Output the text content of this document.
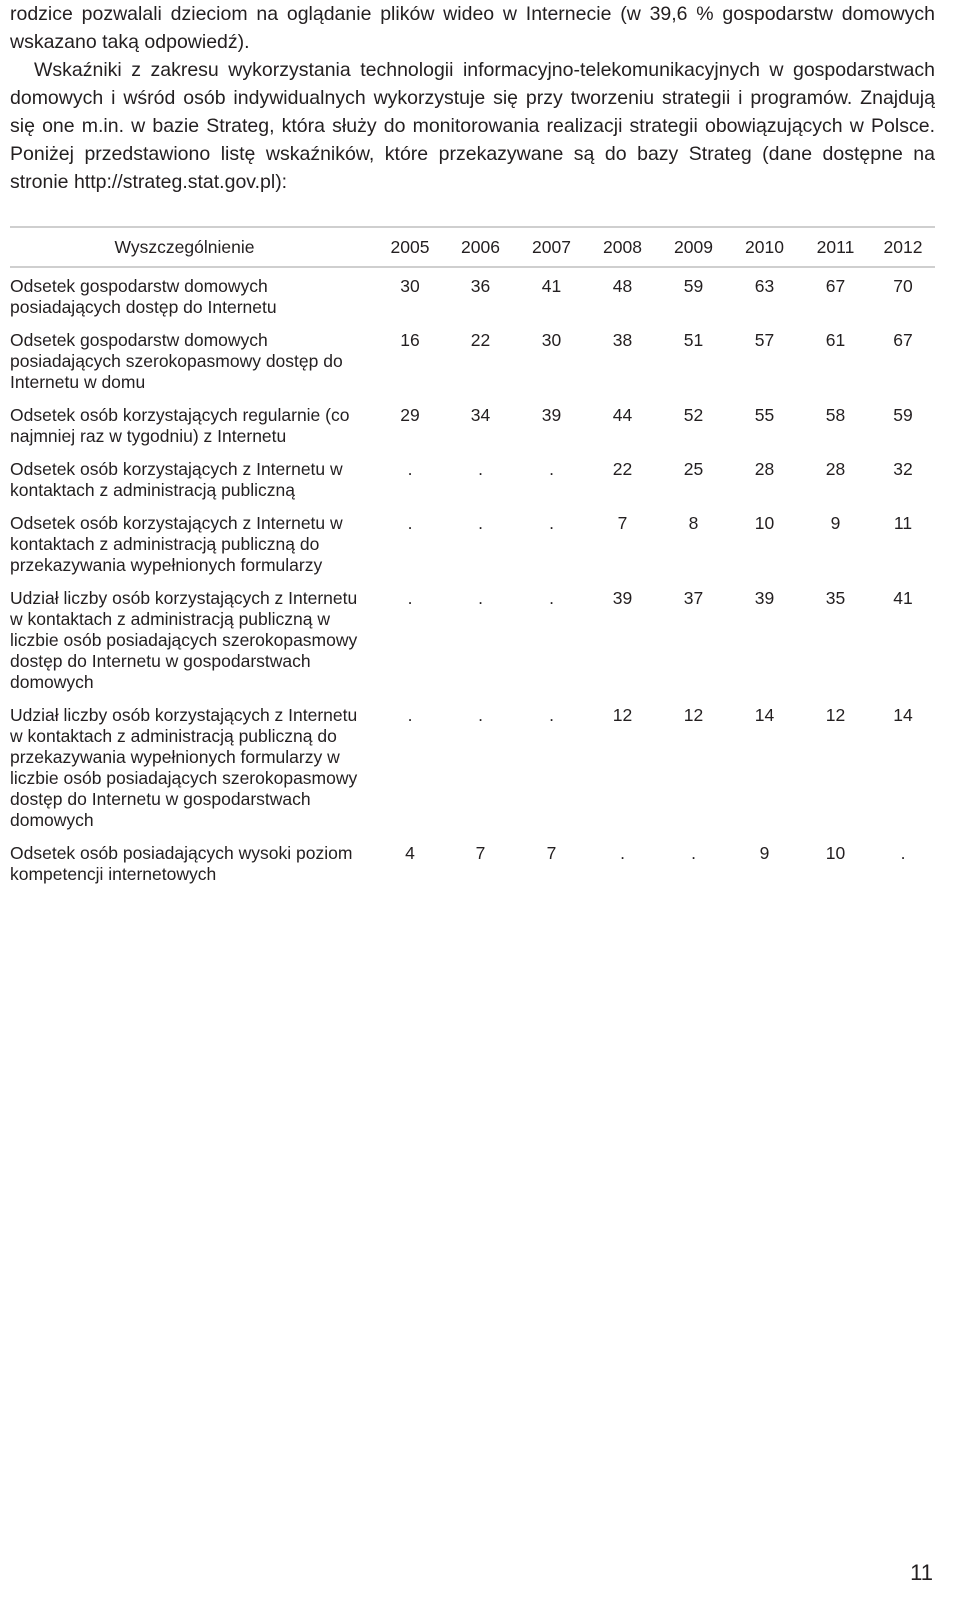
rodzice pozwalali dzieciom na oglądanie plików wideo w Internecie (w 39,6 % gospodarstw domowych wskazano taką odpowiedź).

Wskaźniki z zakresu wykorzystania technologii informacyjno-telekomunikacyjnych w gospodarstwach domowych i wśród osób indywidualnych wykorzystuje się przy tworzeniu strategii i programów. Znajdują się one m.in. w bazie Strateg, która służy do monitorowania realizacji strategii obowiązujących w Polsce. Poniżej przedstawiono listę wskaźników, które przekazywane są do bazy Strateg (dane dostępne na stronie http://strateg.stat.gov.pl):

Wyszczególnienie	2005	2006	2007	2008	2009	2010	2011	2012
Odsetek gospodarstw domowych posiadających dostęp do Internetu	30	36	41	48	59	63	67	70
Odsetek gospodarstw domowych posiadających szerokopasmowy dostęp do Internetu w domu	16	22	30	38	51	57	61	67
Odsetek osób korzystających regularnie (co najmniej raz w tygodniu) z Internetu	29	34	39	44	52	55	58	59
Odsetek osób korzystających z Internetu w kontaktach z administracją publiczną	.	.	.	22	25	28	28	32
Odsetek osób korzystających z Internetu w kontaktach z administracją publiczną do przekazywania wypełnionych formularzy	.	.	.	7	8	10	9	11
Udział liczby osób korzystających z Internetu w kontaktach z administracją publiczną w liczbie osób posiadających szerokopasmowy dostęp do Internetu w gospodarstwach domowych	.	.	.	39	37	39	35	41
Udział liczby osób korzystających z Internetu w kontaktach z administracją publiczną do przekazywania wypełnionych formularzy w liczbie osób posiadających szerokopasmowy dostęp do Internetu w gospodarstwach domowych	.	.	.	12	12	14	12	14
Odsetek osób posiadających wysoki poziom kompetencji internetowych	4	7	7	.	.	9	10	.
11
